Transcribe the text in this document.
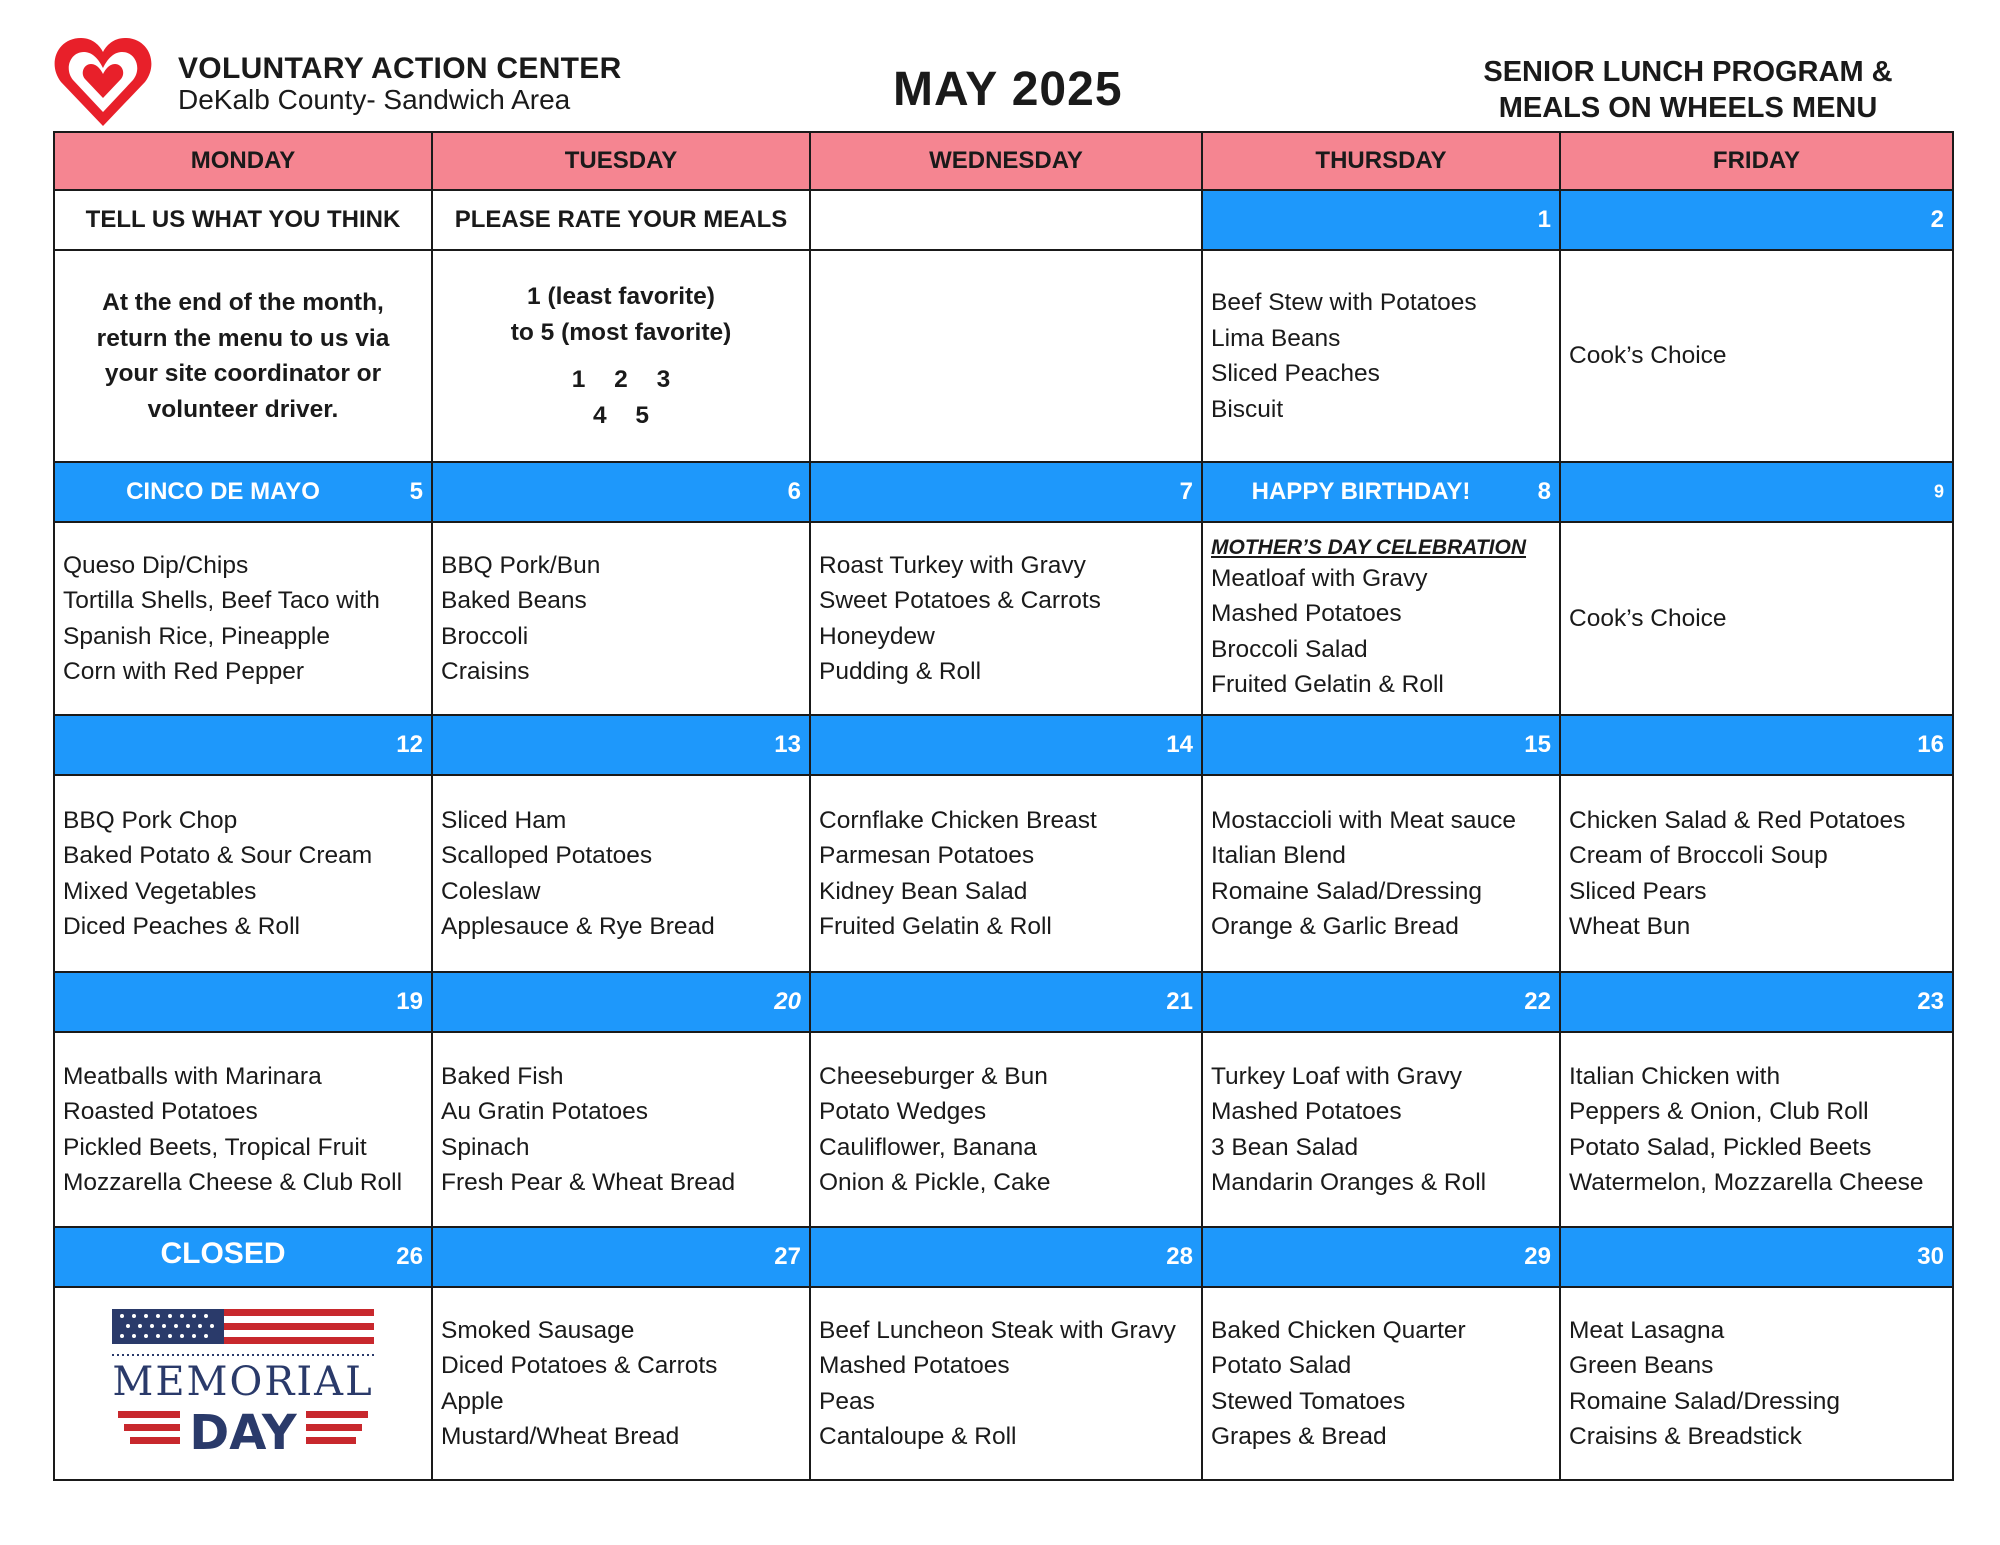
VOLUNTARY ACTION CENTER
DeKalb County- Sandwich Area	MAY 2025	SENIOR LUNCH PROGRAM &
MEALS ON WHEELS MENU
MONDAY	TUESDAY	WEDNESDAY	THURSDAY	FRIDAY
TELL US WHAT YOU THINK	PLEASE RATE YOUR MEALS		1	2

At the end of the month,
return the menu to us via
your site coordinator or
volunteer driver.	1 (least favorite)
to 5 (most favorite)
1 2 3
4 5		Beef Stew with Potatoes
Lima Beans
Sliced Peaches
Biscuit	Cook’s Choice

CINCO DE MAYO 5	6	7	HAPPY BIRTHDAY! 8	9

Queso Dip/Chips
Tortilla Shells, Beef Taco with
Spanish Rice, Pineapple
Corn with Red Pepper	BBQ Pork/Bun
Baked Beans
Broccoli
Craisins	Roast Turkey with Gravy
Sweet Potatoes & Carrots
Honeydew
Pudding & Roll	MOTHER’S DAY CELEBRATION
Meatloaf with Gravy
Mashed Potatoes
Broccoli Salad
Fruited Gelatin & Roll	Cook’s Choice

12	13	14	15	16

BBQ Pork Chop
Baked Potato & Sour Cream
Mixed Vegetables
Diced Peaches & Roll	Sliced Ham
Scalloped Potatoes
Coleslaw
Applesauce & Rye Bread	Cornflake Chicken Breast
Parmesan Potatoes
Kidney Bean Salad
Fruited Gelatin & Roll	Mostaccioli with Meat sauce
Italian Blend
Romaine Salad/Dressing
Orange & Garlic Bread	Chicken Salad & Red Potatoes
Cream of Broccoli Soup
Sliced Pears
Wheat Bun

19	20	21	22	23

Meatballs with Marinara
Roasted Potatoes
Pickled Beets, Tropical Fruit
Mozzarella Cheese & Club Roll	Baked Fish
Au Gratin Potatoes
Spinach
Fresh Pear & Wheat Bread	Cheeseburger & Bun
Potato Wedges
Cauliflower, Banana
Onion & Pickle, Cake	Turkey Loaf with Gravy
Mashed Potatoes
3 Bean Salad
Mandarin Oranges & Roll	Italian Chicken with
Peppers & Onion, Club Roll
Potato Salad, Pickled Beets
Watermelon, Mozzarella Cheese

CLOSED 26	27	28	29	30

MEMORIAL
DAY	Smoked Sausage
Diced Potatoes & Carrots
Apple
Mustard/Wheat Bread	Beef Luncheon Steak with Gravy
Mashed Potatoes
Peas
Cantaloupe & Roll	Baked Chicken Quarter
Potato Salad
Stewed Tomatoes
Grapes & Bread	Meat Lasagna
Green Beans
Romaine Salad/Dressing
Craisins & Breadstick
